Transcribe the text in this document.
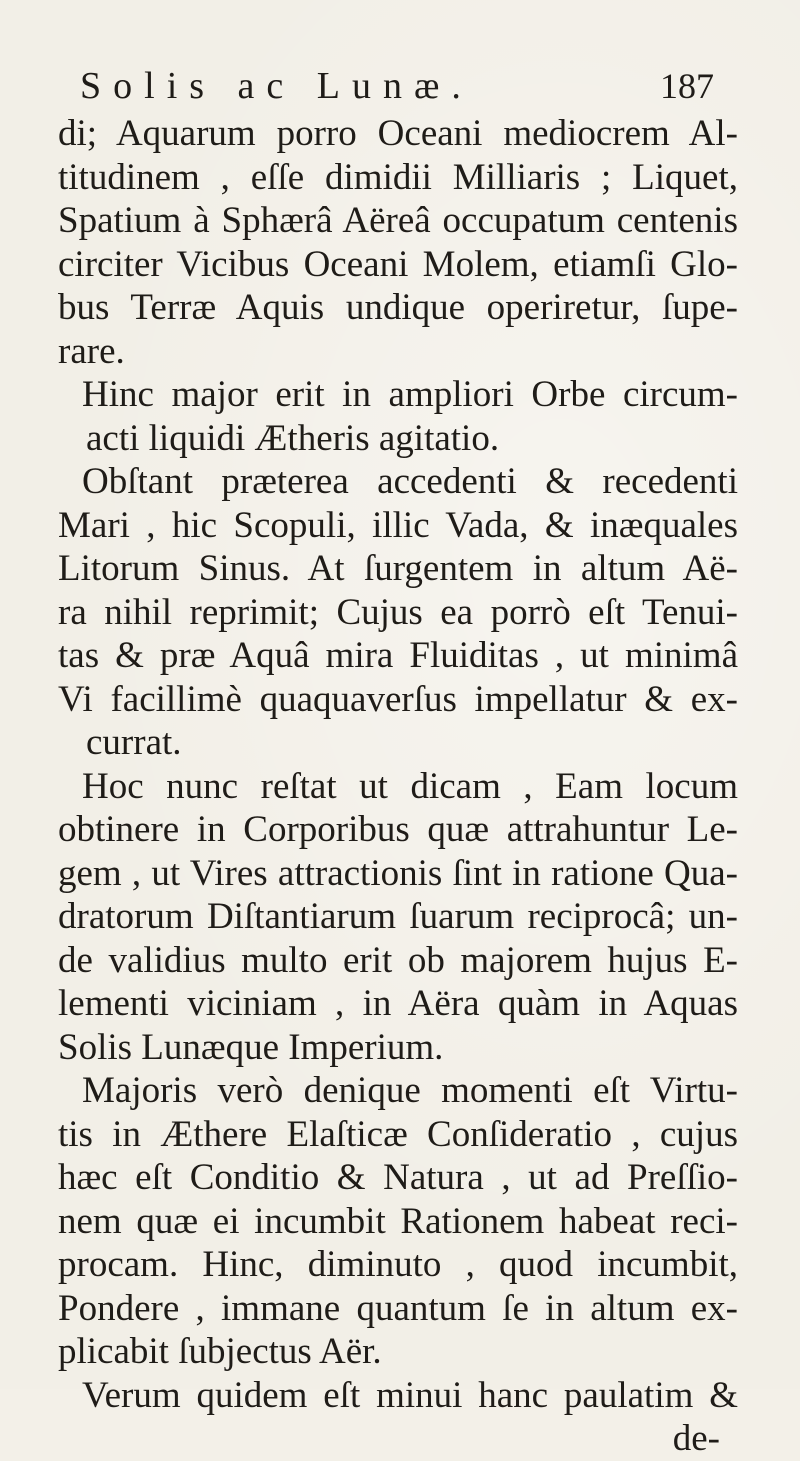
Solis ac Lunæ.	187
di; Aquarum porro Oceani mediocrem Al-
titudinem , eſſe dimidii Milliaris ; Liquet,
Spatium à Sphærâ Aëreâ occupatum centenis
circiter Vicibus Oceani Molem, etiamſi Glo-
bus Terræ Aquis undique operiretur, ſupe-
rare.
Hinc major erit in ampliori Orbe circum-
acti liquidi Ætheris agitatio.
Obſtant præterea accedenti & recedenti
Mari , hic Scopuli, illic Vada, & inæquales
Litorum Sinus. At ſurgentem in altum Aë-
ra nihil reprimit; Cujus ea porrò eſt Tenui-
tas & præ Aquâ mira Fluiditas , ut minimâ
Vi facillimè quaquaverſus impellatur & ex-
currat.
Hoc nunc reſtat ut dicam , Eam locum
obtinere in Corporibus quæ attrahuntur Le-
gem , ut Vires attractionis ſint in ratione Qua-
dratorum Diſtantiarum ſuarum reciprocâ; un-
de validius multo erit ob majorem hujus E-
lementi viciniam , in Aëra quàm in Aquas
Solis Lunæque Imperium.
Majoris verò denique momenti eſt Virtu-
tis in Æthere Elaſticæ Conſideratio , cujus
hæc eſt Conditio & Natura , ut ad Preſſio-
nem quæ ei incumbit Rationem habeat reci-
procam. Hinc, diminuto , quod incumbit,
Pondere , immane quantum ſe in altum ex-
plicabit ſubjectus Aër.
Verum quidem eſt minui hanc paulatim &
de-
